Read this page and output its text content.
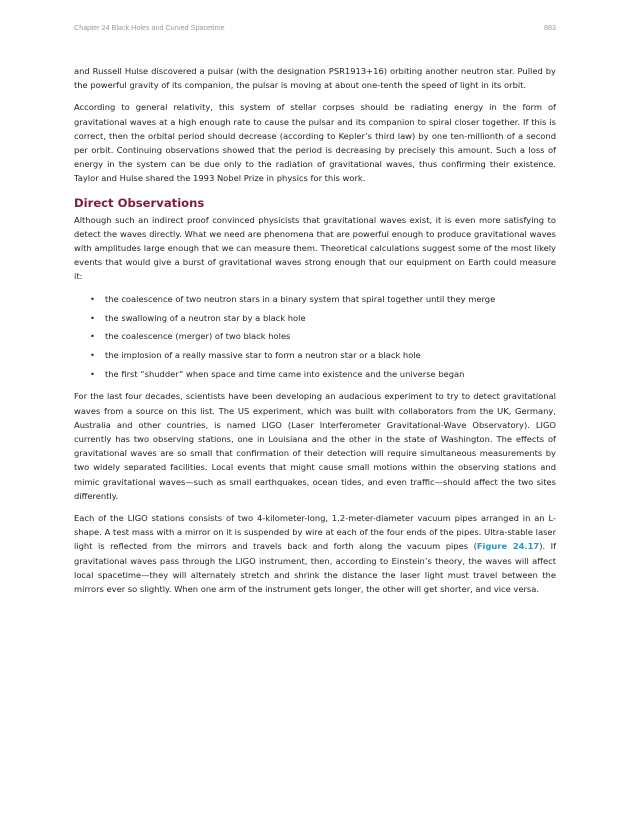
Chapter 24 Black Holes and Curved Spacetime	883

and Russell Hulse discovered a pulsar (with the designation PSR1913+16) orbiting another neutron star. Pulled by the powerful gravity of its companion, the pulsar is moving at about one-tenth the speed of light in its orbit.

According to general relativity, this system of stellar corpses should be radiating energy in the form of gravitational waves at a high enough rate to cause the pulsar and its companion to spiral closer together. If this is correct, then the orbital period should decrease (according to Kepler’s third law) by one ten-millionth of a second per orbit. Continuing observations showed that the period is decreasing by precisely this amount. Such a loss of energy in the system can be due only to the radiation of gravitational waves, thus confirming their existence. Taylor and Hulse shared the 1993 Nobel Prize in physics for this work.

Direct Observations

Although such an indirect proof convinced physicists that gravitational waves exist, it is even more satisfying to detect the waves directly. What we need are phenomena that are powerful enough to produce gravitational waves with amplitudes large enough that we can measure them. Theoretical calculations suggest some of the most likely events that would give a burst of gravitational waves strong enough that our equipment on Earth could measure it:

• the coalescence of two neutron stars in a binary system that spiral together until they merge
• the swallowing of a neutron star by a black hole
• the coalescence (merger) of two black holes
• the implosion of a really massive star to form a neutron star or a black hole
• the first “shudder” when space and time came into existence and the universe began

For the last four decades, scientists have been developing an audacious experiment to try to detect gravitational waves from a source on this list. The US experiment, which was built with collaborators from the UK, Germany, Australia and other countries, is named LIGO (Laser Interferometer Gravitational-Wave Observatory). LIGO currently has two observing stations, one in Louisiana and the other in the state of Washington. The effects of gravitational waves are so small that confirmation of their detection will require simultaneous measurements by two widely separated facilities. Local events that might cause small motions within the observing stations and mimic gravitational waves—such as small earthquakes, ocean tides, and even traffic—should affect the two sites differently.

Each of the LIGO stations consists of two 4-kilometer-long, 1.2-meter-diameter vacuum pipes arranged in an L-shape. A test mass with a mirror on it is suspended by wire at each of the four ends of the pipes. Ultra-stable laser light is reflected from the mirrors and travels back and forth along the vacuum pipes (Figure 24.17). If gravitational waves pass through the LIGO instrument, then, according to Einstein’s theory, the waves will affect local spacetime—they will alternately stretch and shrink the distance the laser light must travel between the mirrors ever so slightly. When one arm of the instrument gets longer, the other will get shorter, and vice versa.
